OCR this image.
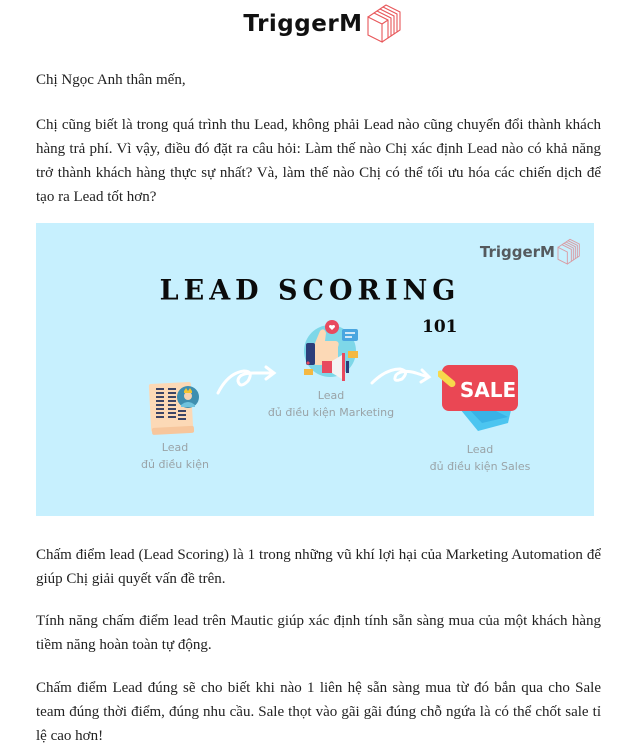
TriggerM

Chị Ngọc Anh thân mến,

Chị cũng biết là trong quá trình thu Lead, không phải Lead nào cũng chuyển đổi thành khách hàng trả phí. Vì vậy, điều đó đặt ra câu hỏi: Làm thế nào Chị xác định Lead nào có khả năng trở thành khách hàng thực sự nhất? Và, làm thế nào Chị có thể tối ưu hóa các chiến dịch để tạo ra Lead tốt hơn?

TriggerM
LEAD SCORING
101
Lead
đủ điều kiện
Lead
đủ điều kiện Marketing
SALE
Lead
đủ điều kiện Sales

Chấm điểm lead (Lead Scoring) là 1 trong những vũ khí lợi hại của Marketing Automation để giúp Chị giải quyết vấn đề trên.

Tính năng chấm điểm lead trên Mautic giúp xác định tính sẵn sàng mua của một khách hàng tiềm năng hoàn toàn tự động.

Chấm điểm Lead đúng sẽ cho biết khi nào 1 liên hệ sẵn sàng mua từ đó bắn qua cho Sale team đúng thời điểm, đúng nhu cầu. Sale thọt vào gãi gãi đúng chỗ ngứa là có thể chốt sale tỉ lệ cao hơn!
